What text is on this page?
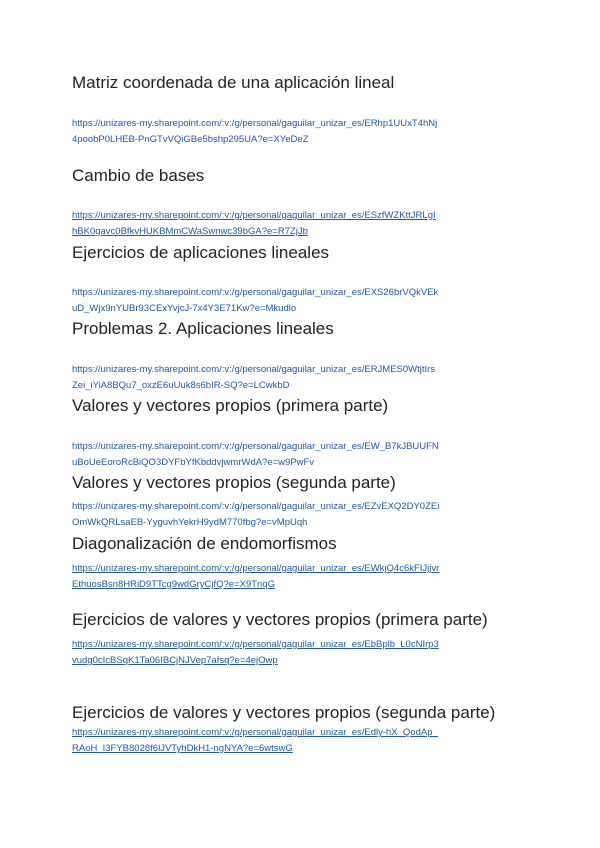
Matriz coordenada de una aplicación lineal
https://unizares-my.sharepoint.com/:v:/g/personal/gaguilar_unizar_es/ERhp1UUxT4hNj
4poobP0LHEB-PnGTvVQiGBe5bshp295UA?e=XYeDeZ
Cambio de bases
https://unizares-my.sharepoint.com/:v:/g/personal/gaguilar_unizar_es/ESzfWZKttJRLgI
hBK0gavc0BfkvHUKBMmCWaSwnwc39bGA?e=R7ZjJb
Ejercicios de aplicaciones lineales
https://unizares-my.sharepoint.com/:v:/g/personal/gaguilar_unizar_es/EXS26brVQkVEk
uD_Wjx9nYUBr93CExYvjcJ-7x4Y3E71Kw?e=Mkudlo
Problemas 2. Aplicaciones lineales
https://unizares-my.sharepoint.com/:v:/g/personal/gaguilar_unizar_es/ERJMES0WtjtIrs
Zei_iYiA8BQu7_oxzE6uUuk8s6bIR-SQ?e=LCwkbD
Valores y vectores propios (primera parte)
https://unizares-my.sharepoint.com/:v:/g/personal/gaguilar_unizar_es/EW_B7kJBUUFN
uBoUeEoroRcBiQO3DYFbYfKbddvjwmrWdA?e=w9PwFv
Valores y vectores propios (segunda parte)
https://unizares-my.sharepoint.com/:v:/g/personal/gaguilar_unizar_es/EZvEXQ2DY0ZEi
OmWkQRLsaEB-YyguvhYekrH9ydM770fbg?e=vMpUqh
Diagonalización de endomorfismos
https://unizares-my.sharepoint.com/:v:/g/personal/gaguilar_unizar_es/EWkjQ4c6kFIJjjvr
EthuosBsn8HRiD9TTcg9wdGryCjfQ?e=X9TnqG
Ejercicios de valores y vectores propios (primera parte)
https://unizares-my.sharepoint.com/:v:/g/personal/gaguilar_unizar_es/EbBplb_L0cNIrp3
vudg0cIcBSqK1Ta06IBCjNJVep7afsq?e=4ejOwp
Ejercicios de valores y vectores propios (segunda parte)
https://unizares-my.sharepoint.com/:v:/g/personal/gaguilar_unizar_es/Edly-hX_QodAp_
RAoH_I3FYB8028f6lJVTyhDkH1-ngNYA?e=6wtswG
